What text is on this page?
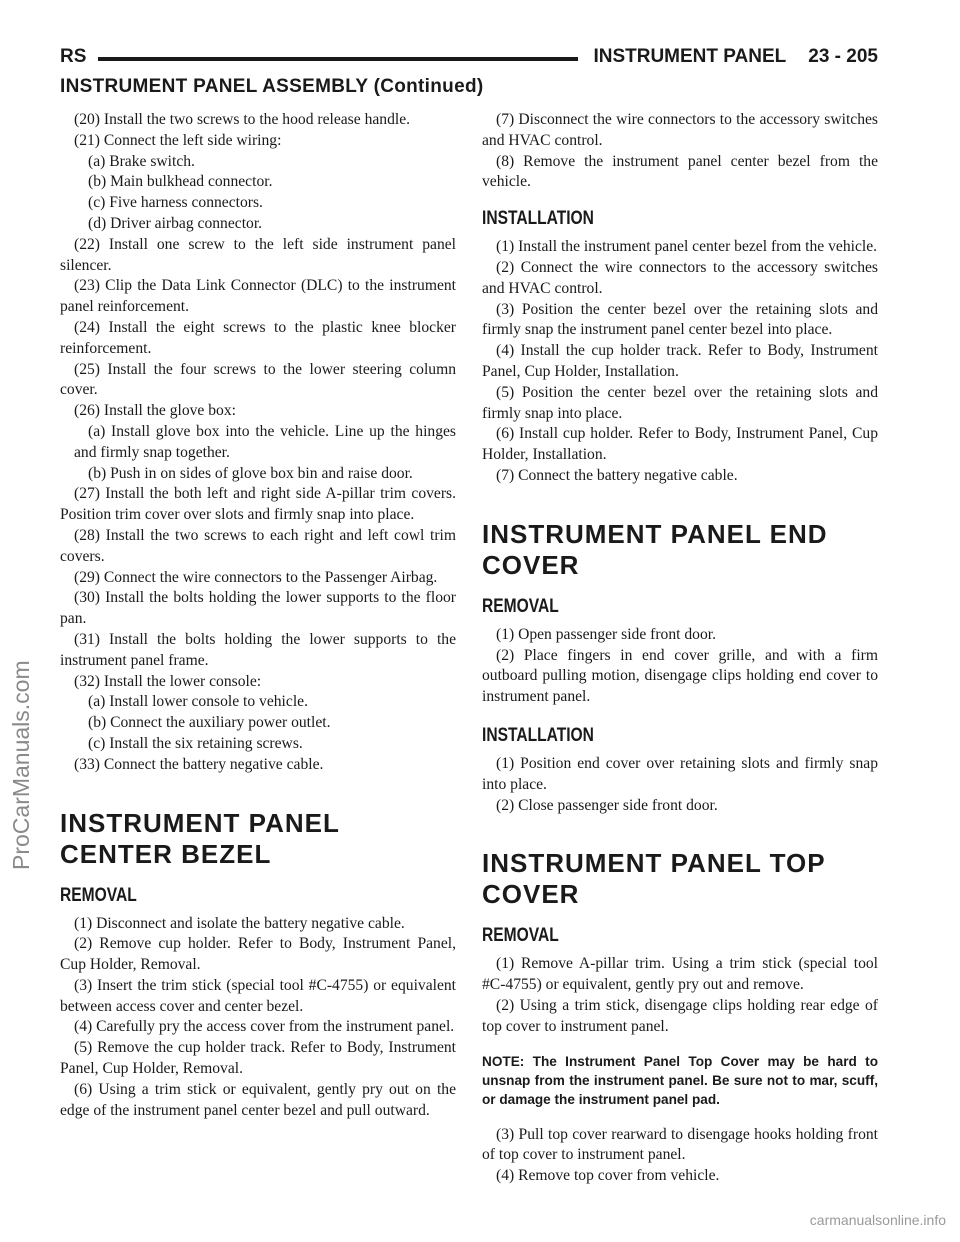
RS	INSTRUMENT PANEL 23 - 205
INSTRUMENT PANEL ASSEMBLY (Continued)

(20) Install the two screws to the hood release handle.

(21) Connect the left side wiring:

(a) Brake switch.

(b) Main bulkhead connector.

(c) Five harness connectors.

(d) Driver airbag connector.

(22) Install one screw to the left side instrument panel silencer.

(23) Clip the Data Link Connector (DLC) to the instrument panel reinforcement.

(24) Install the eight screws to the plastic knee blocker reinforcement.

(25) Install the four screws to the lower steering column cover.

(26) Install the glove box:

(a) Install glove box into the vehicle. Line up the hinges and firmly snap together.

(b) Push in on sides of glove box bin and raise door.

(27) Install the both left and right side A-pillar trim covers. Position trim cover over slots and firmly snap into place.

(28) Install the two screws to each right and left cowl trim covers.

(29) Connect the wire connectors to the Passenger Airbag.

(30) Install the bolts holding the lower supports to the floor pan.

(31) Install the bolts holding the lower supports to the instrument panel frame.

(32) Install the lower console:

(a) Install lower console to vehicle.

(b) Connect the auxiliary power outlet.

(c) Install the six retaining screws.

(33) Connect the battery negative cable.

INSTRUMENT PANEL CENTER BEZEL
REMOVAL

(1) Disconnect and isolate the battery negative cable.

(2) Remove cup holder. Refer to Body, Instrument Panel, Cup Holder, Removal.

(3) Insert the trim stick (special tool #C-4755) or equivalent between access cover and center bezel.

(4) Carefully pry the access cover from the instrument panel.

(5) Remove the cup holder track. Refer to Body, Instrument Panel, Cup Holder, Removal.

(6) Using a trim stick or equivalent, gently pry out on the edge of the instrument panel center bezel and pull outward.

(7) Disconnect the wire connectors to the accessory switches and HVAC control.

(8) Remove the instrument panel center bezel from the vehicle.

INSTALLATION

(1) Install the instrument panel center bezel from the vehicle.

(2) Connect the wire connectors to the accessory switches and HVAC control.

(3) Position the center bezel over the retaining slots and firmly snap the instrument panel center bezel into place.

(4) Install the cup holder track. Refer to Body, Instrument Panel, Cup Holder, Installation.

(5) Position the center bezel over the retaining slots and firmly snap into place.

(6) Install cup holder. Refer to Body, Instrument Panel, Cup Holder, Installation.

(7) Connect the battery negative cable.

INSTRUMENT PANEL END COVER
REMOVAL

(1) Open passenger side front door.

(2) Place fingers in end cover grille, and with a firm outboard pulling motion, disengage clips holding end cover to instrument panel.

INSTALLATION

(1) Position end cover over retaining slots and firmly snap into place.

(2) Close passenger side front door.

INSTRUMENT PANEL TOP COVER
REMOVAL

(1) Remove A-pillar trim. Using a trim stick (special tool #C-4755) or equivalent, gently pry out and remove.

(2) Using a trim stick, disengage clips holding rear edge of top cover to instrument panel.

NOTE: The Instrument Panel Top Cover may be hard to unsnap from the instrument panel. Be sure not to mar, scuff, or damage the instrument panel pad.

(3) Pull top cover rearward to disengage hooks holding front of top cover to instrument panel.

(4) Remove top cover from vehicle.

ProCarManuals.com
carmanualsonline.info
